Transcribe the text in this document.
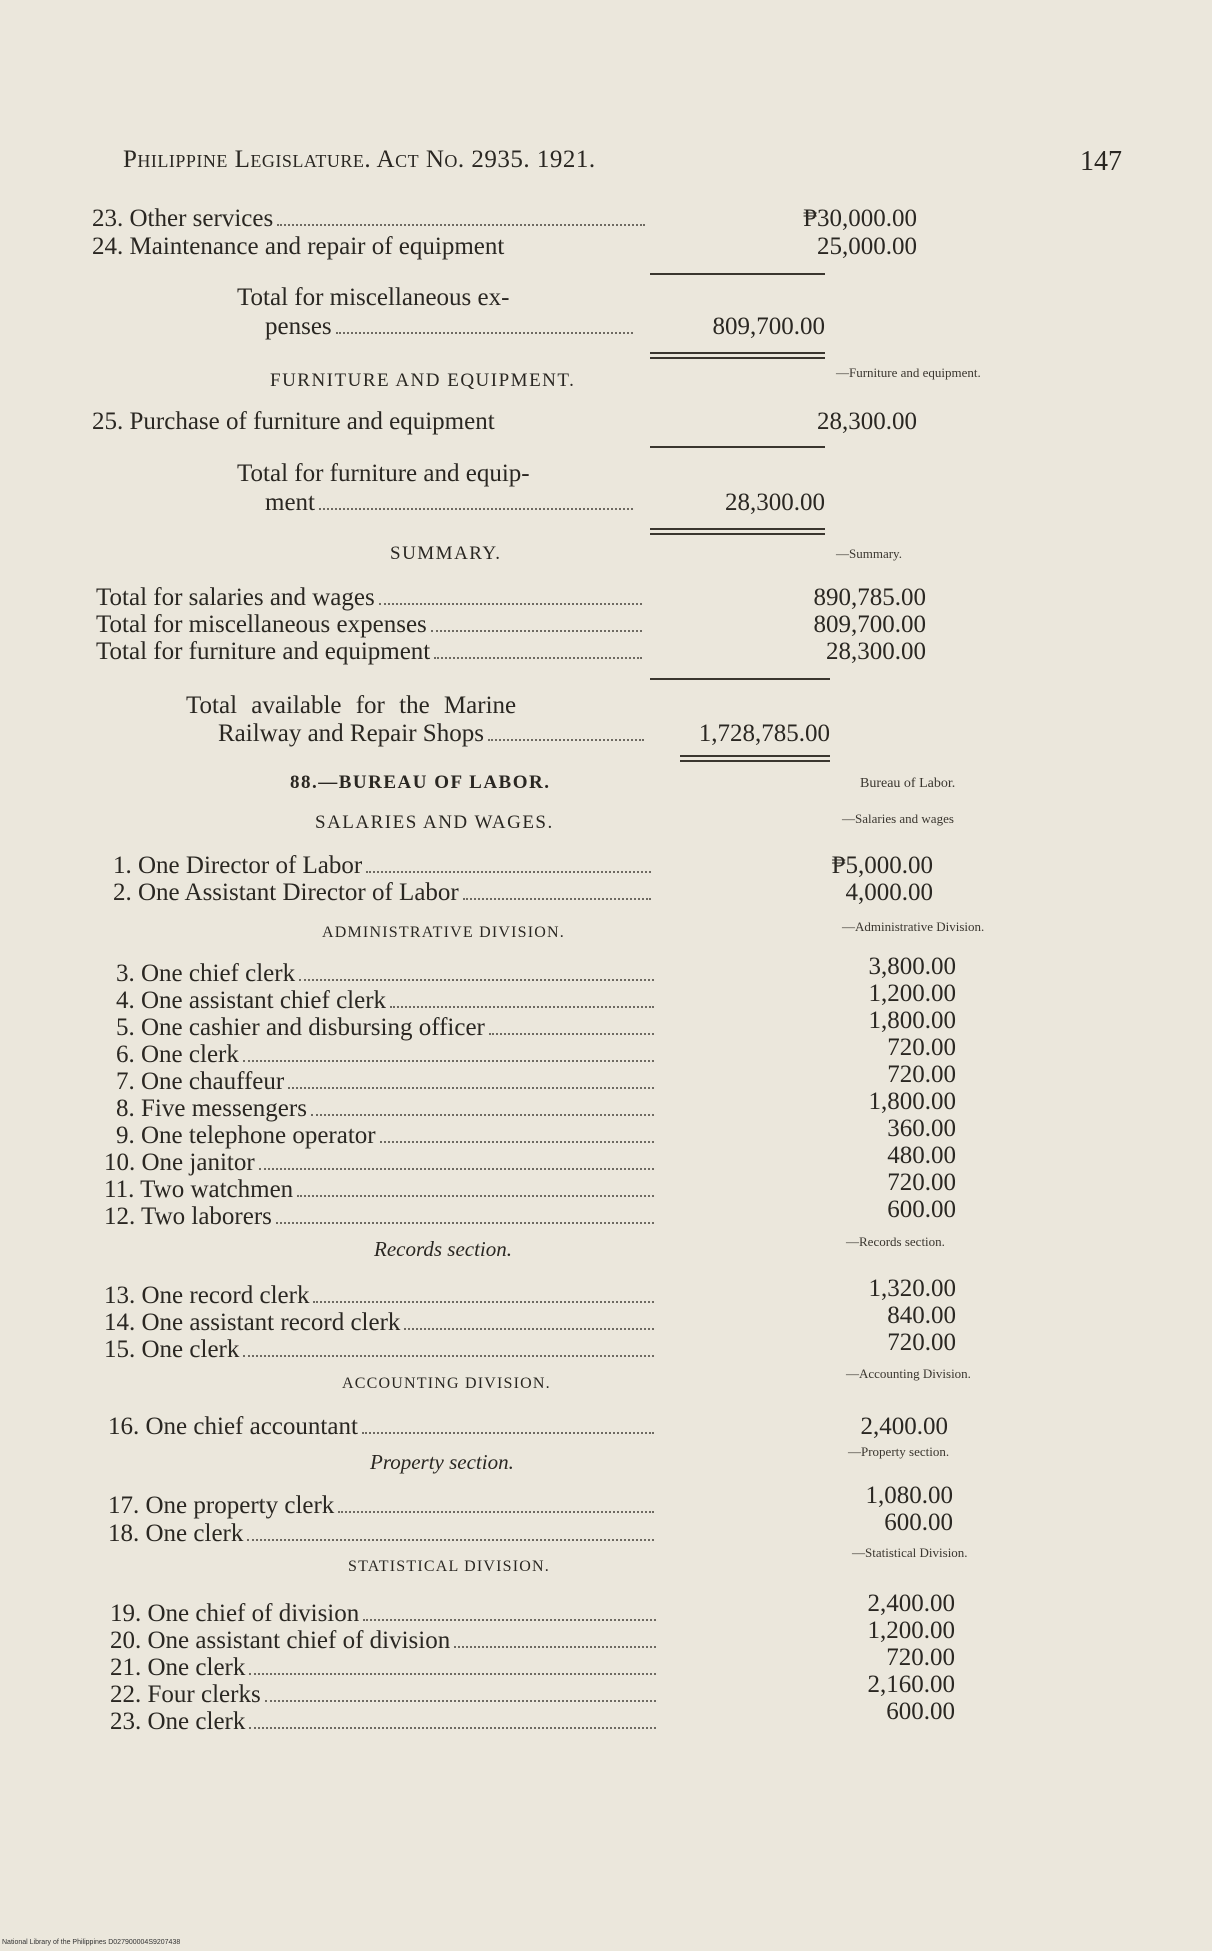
Philippine Legislature. Act No. 2935. 1921.	147
23. Other services	₱30,000.00
24. Maintenance and repair of equipment	25,000.00
Total for miscellaneous ex-
penses	809,700.00
FURNITURE AND EQUIPMENT.	—Furniture and equipment.
25. Purchase of furniture and equipment	28,300.00
Total for furniture and equip-
ment	28,300.00
SUMMARY.	—Summary.
Total for salaries and wages	890,785.00
Total for miscellaneous expenses	809,700.00
Total for furniture and equipment	28,300.00
Total available for the Marine
Railway and Repair Shops	1,728,785.00
88.—BUREAU OF LABOR.	Bureau of Labor.
SALARIES AND WAGES.	—Salaries and wages
1. One Director of Labor	₱5,000.00
2. One Assistant Director of Labor	4,000.00
ADMINISTRATIVE DIVISION.	—Administrative Division.
3. One chief clerk	3,800.00
4. One assistant chief clerk	1,200.00
5. One cashier and disbursing officer	1,800.00
6. One clerk	720.00
7. One chauffeur	720.00
8. Five messengers	1,800.00
9. One telephone operator	360.00
10. One janitor	480.00
11. Two watchmen	720.00
12. Two laborers	600.00
Records section.	—Records section.
13. One record clerk	1,320.00
14. One assistant record clerk	840.00
15. One clerk	720.00
ACCOUNTING DIVISION.
—Accounting Division.
16. One chief accountant	2,400.00
Property section.	—Property section.
17. One property clerk	1,080.00
18. One clerk	600.00
STATISTICAL DIVISION.
—Statistical Division.
19. One chief of division	2,400.00
20. One assistant chief of division	1,200.00
21. One clerk	720.00
22. Four clerks	2,160.00
23. One clerk	600.00
National Library of the Philippines D027900004S9207438
